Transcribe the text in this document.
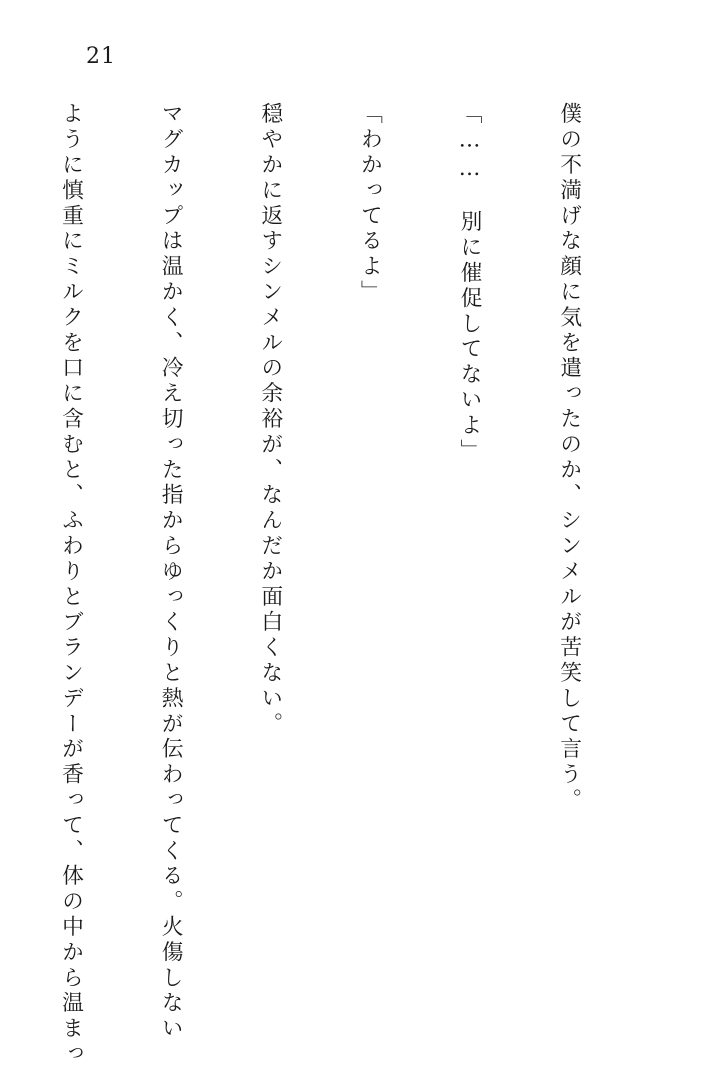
21

僕の不満げな顔に気を遣ったのか、シンメルが苦笑して言う。

「……　別に催促してないよ」

「わかってるよ」

穏やかに返すシンメルの余裕が、なんだか面白くない。

マグカップは温かく、冷え切った指からゆっくりと熱が伝わってくる。火傷しない

ように慎重にミルクを口に含むと、ふわりとブランデーが香って、体の中から温まっ
